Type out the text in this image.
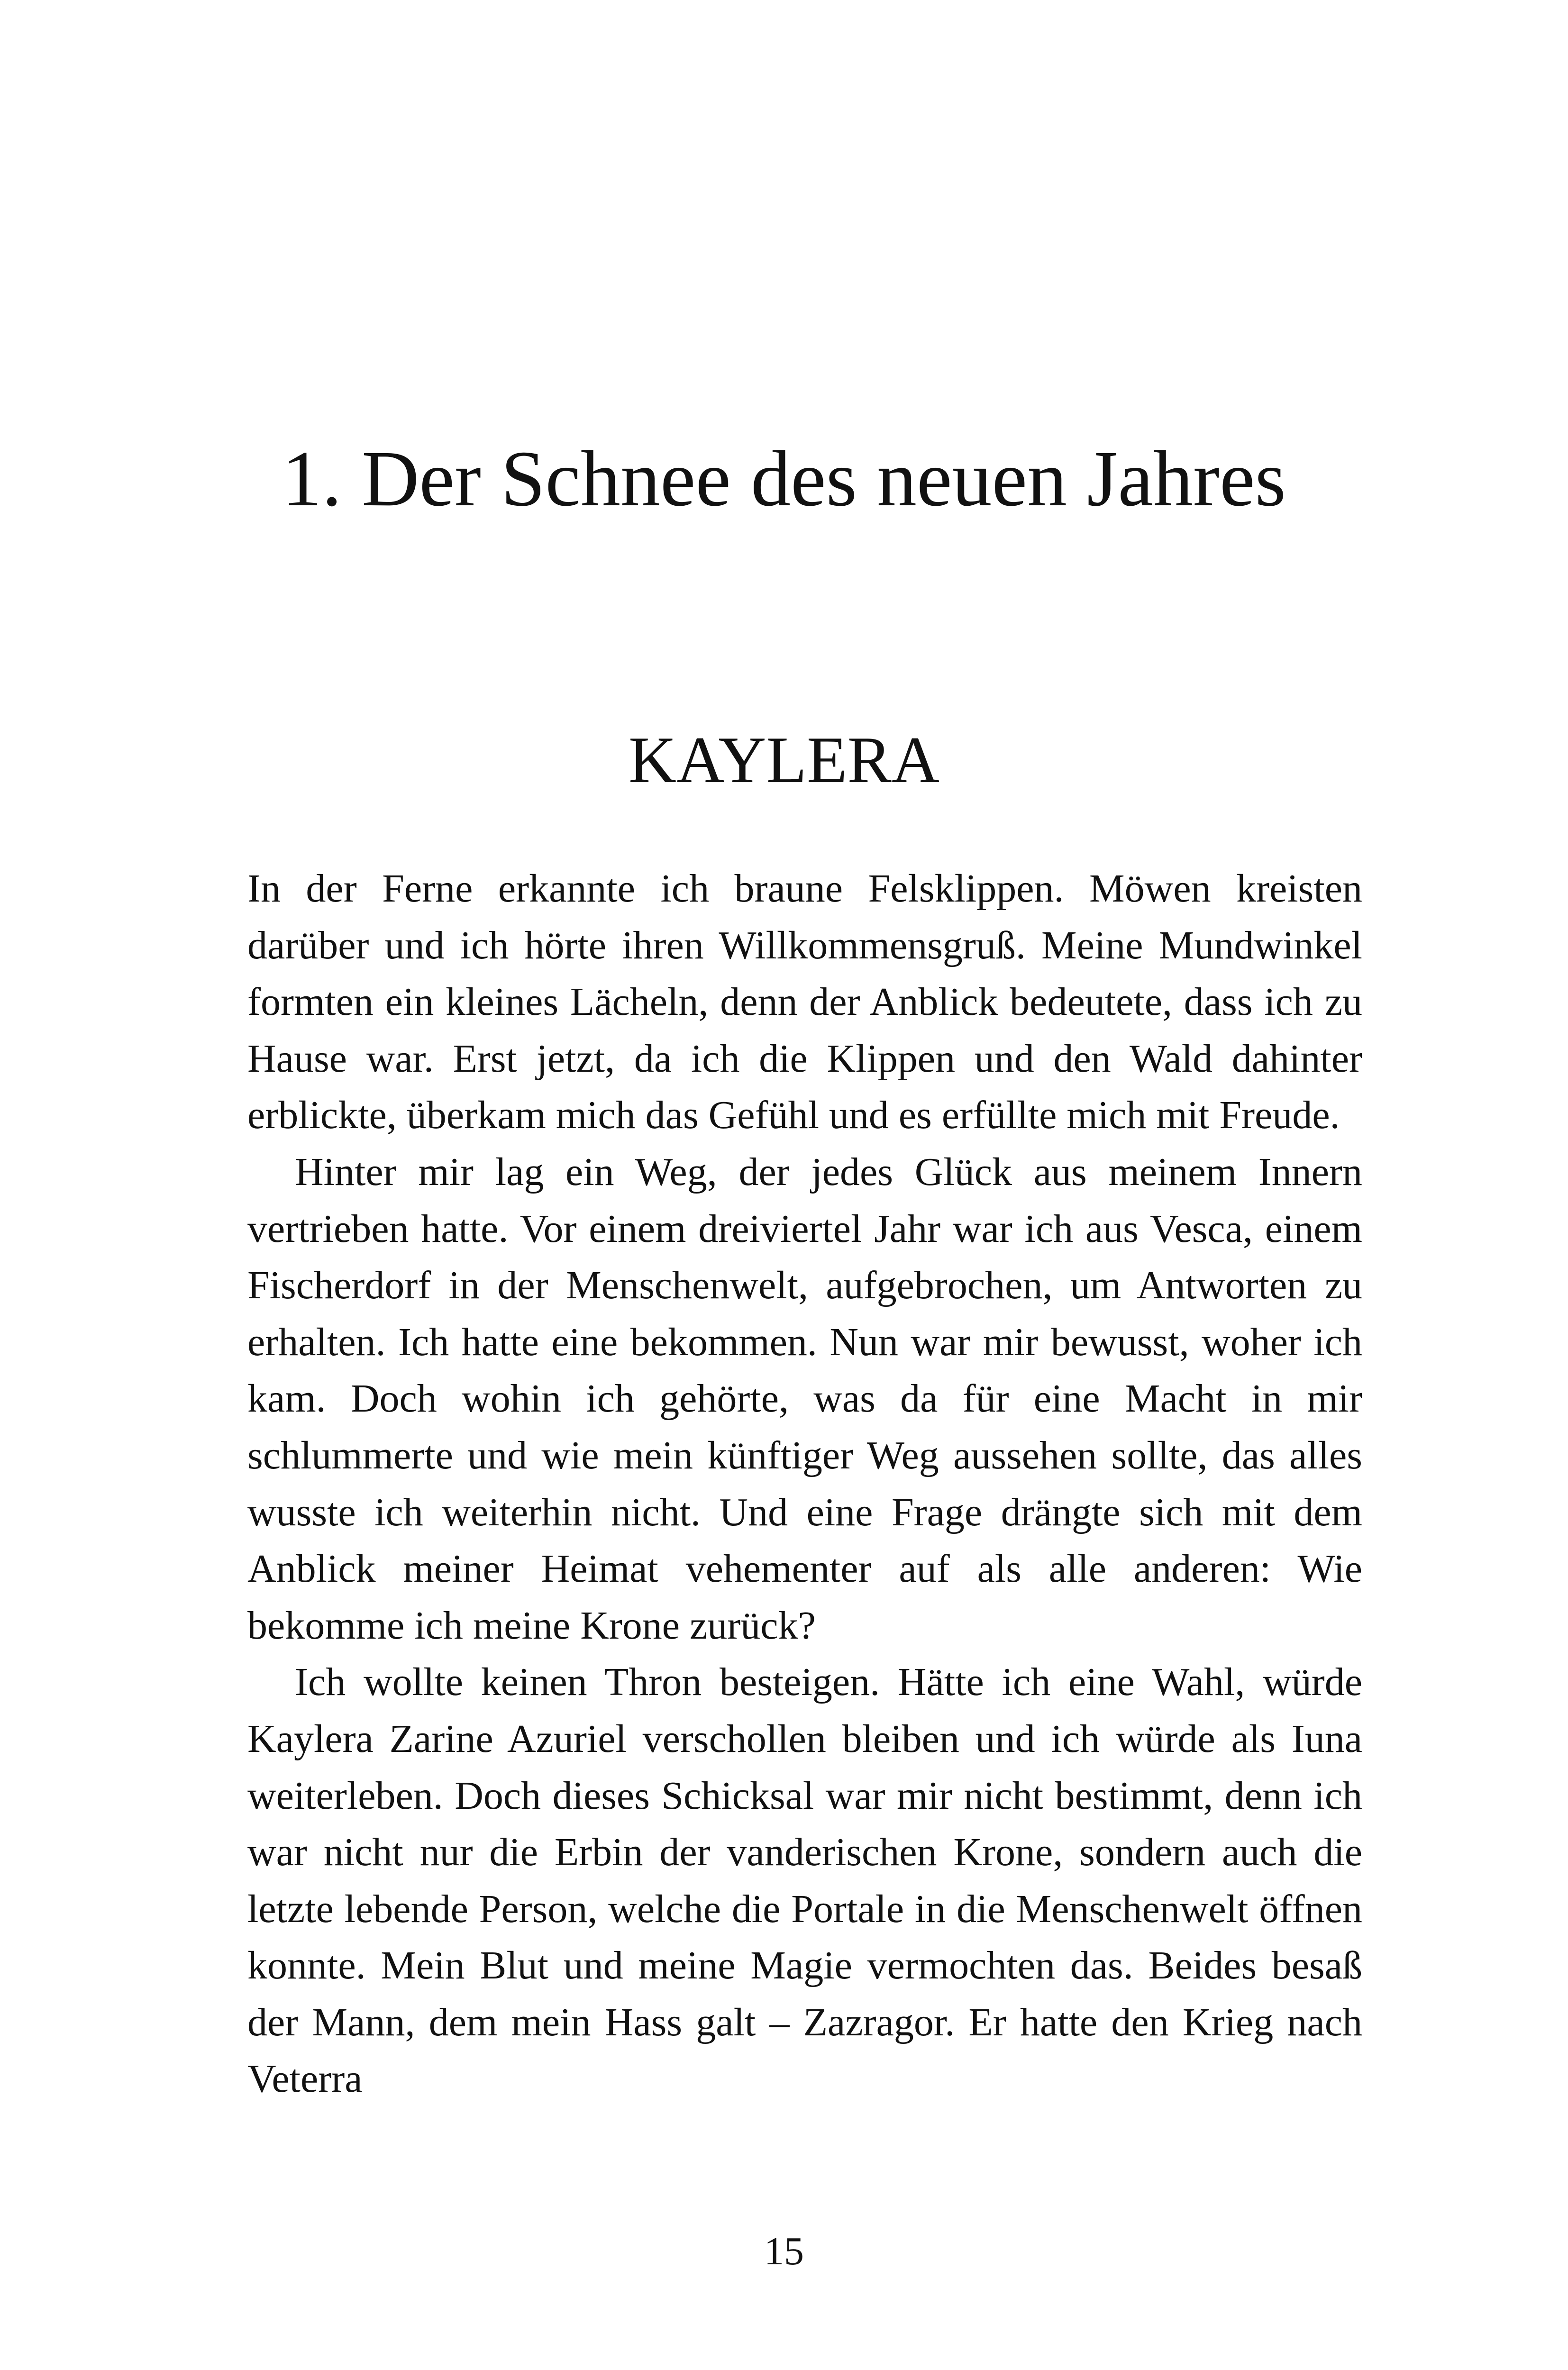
1. Der Schnee des neuen Jahres
KAYLERA

In der Ferne erkannte ich braune Felsklippen. Möwen kreisten darüber und ich hörte ihren Willkommensgruß. Meine Mundwinkel formten ein kleines Lächeln, denn der Anblick bedeutete, dass ich zu Hause war. Erst jetzt, da ich die Klippen und den Wald dahinter erblickte, überkam mich das Gefühl und es erfüllte mich mit Freude.

Hinter mir lag ein Weg, der jedes Glück aus meinem Innern vertrieben hatte. Vor einem dreiviertel Jahr war ich aus Vesca, einem Fischerdorf in der Menschenwelt, aufgebrochen, um Antworten zu erhalten. Ich hatte eine bekommen. Nun war mir bewusst, woher ich kam. Doch wohin ich gehörte, was da für eine Macht in mir schlummerte und wie mein künftiger Weg aussehen sollte, das alles wusste ich weiterhin nicht. Und eine Frage drängte sich mit dem Anblick meiner Heimat vehementer auf als alle anderen: Wie bekomme ich meine Krone zurück?

Ich wollte keinen Thron besteigen. Hätte ich eine Wahl, würde Kaylera Zarine Azuriel verschollen bleiben und ich würde als Iuna weiterleben. Doch dieses Schicksal war mir nicht bestimmt, denn ich war nicht nur die Erbin der vanderischen Krone, sondern auch die letzte lebende Person, welche die Portale in die Menschenwelt öffnen konnte. Mein Blut und meine Magie vermochten das. Beides besaß der Mann, dem mein Hass galt – Zazragor. Er hatte den Krieg nach Veterra

15
